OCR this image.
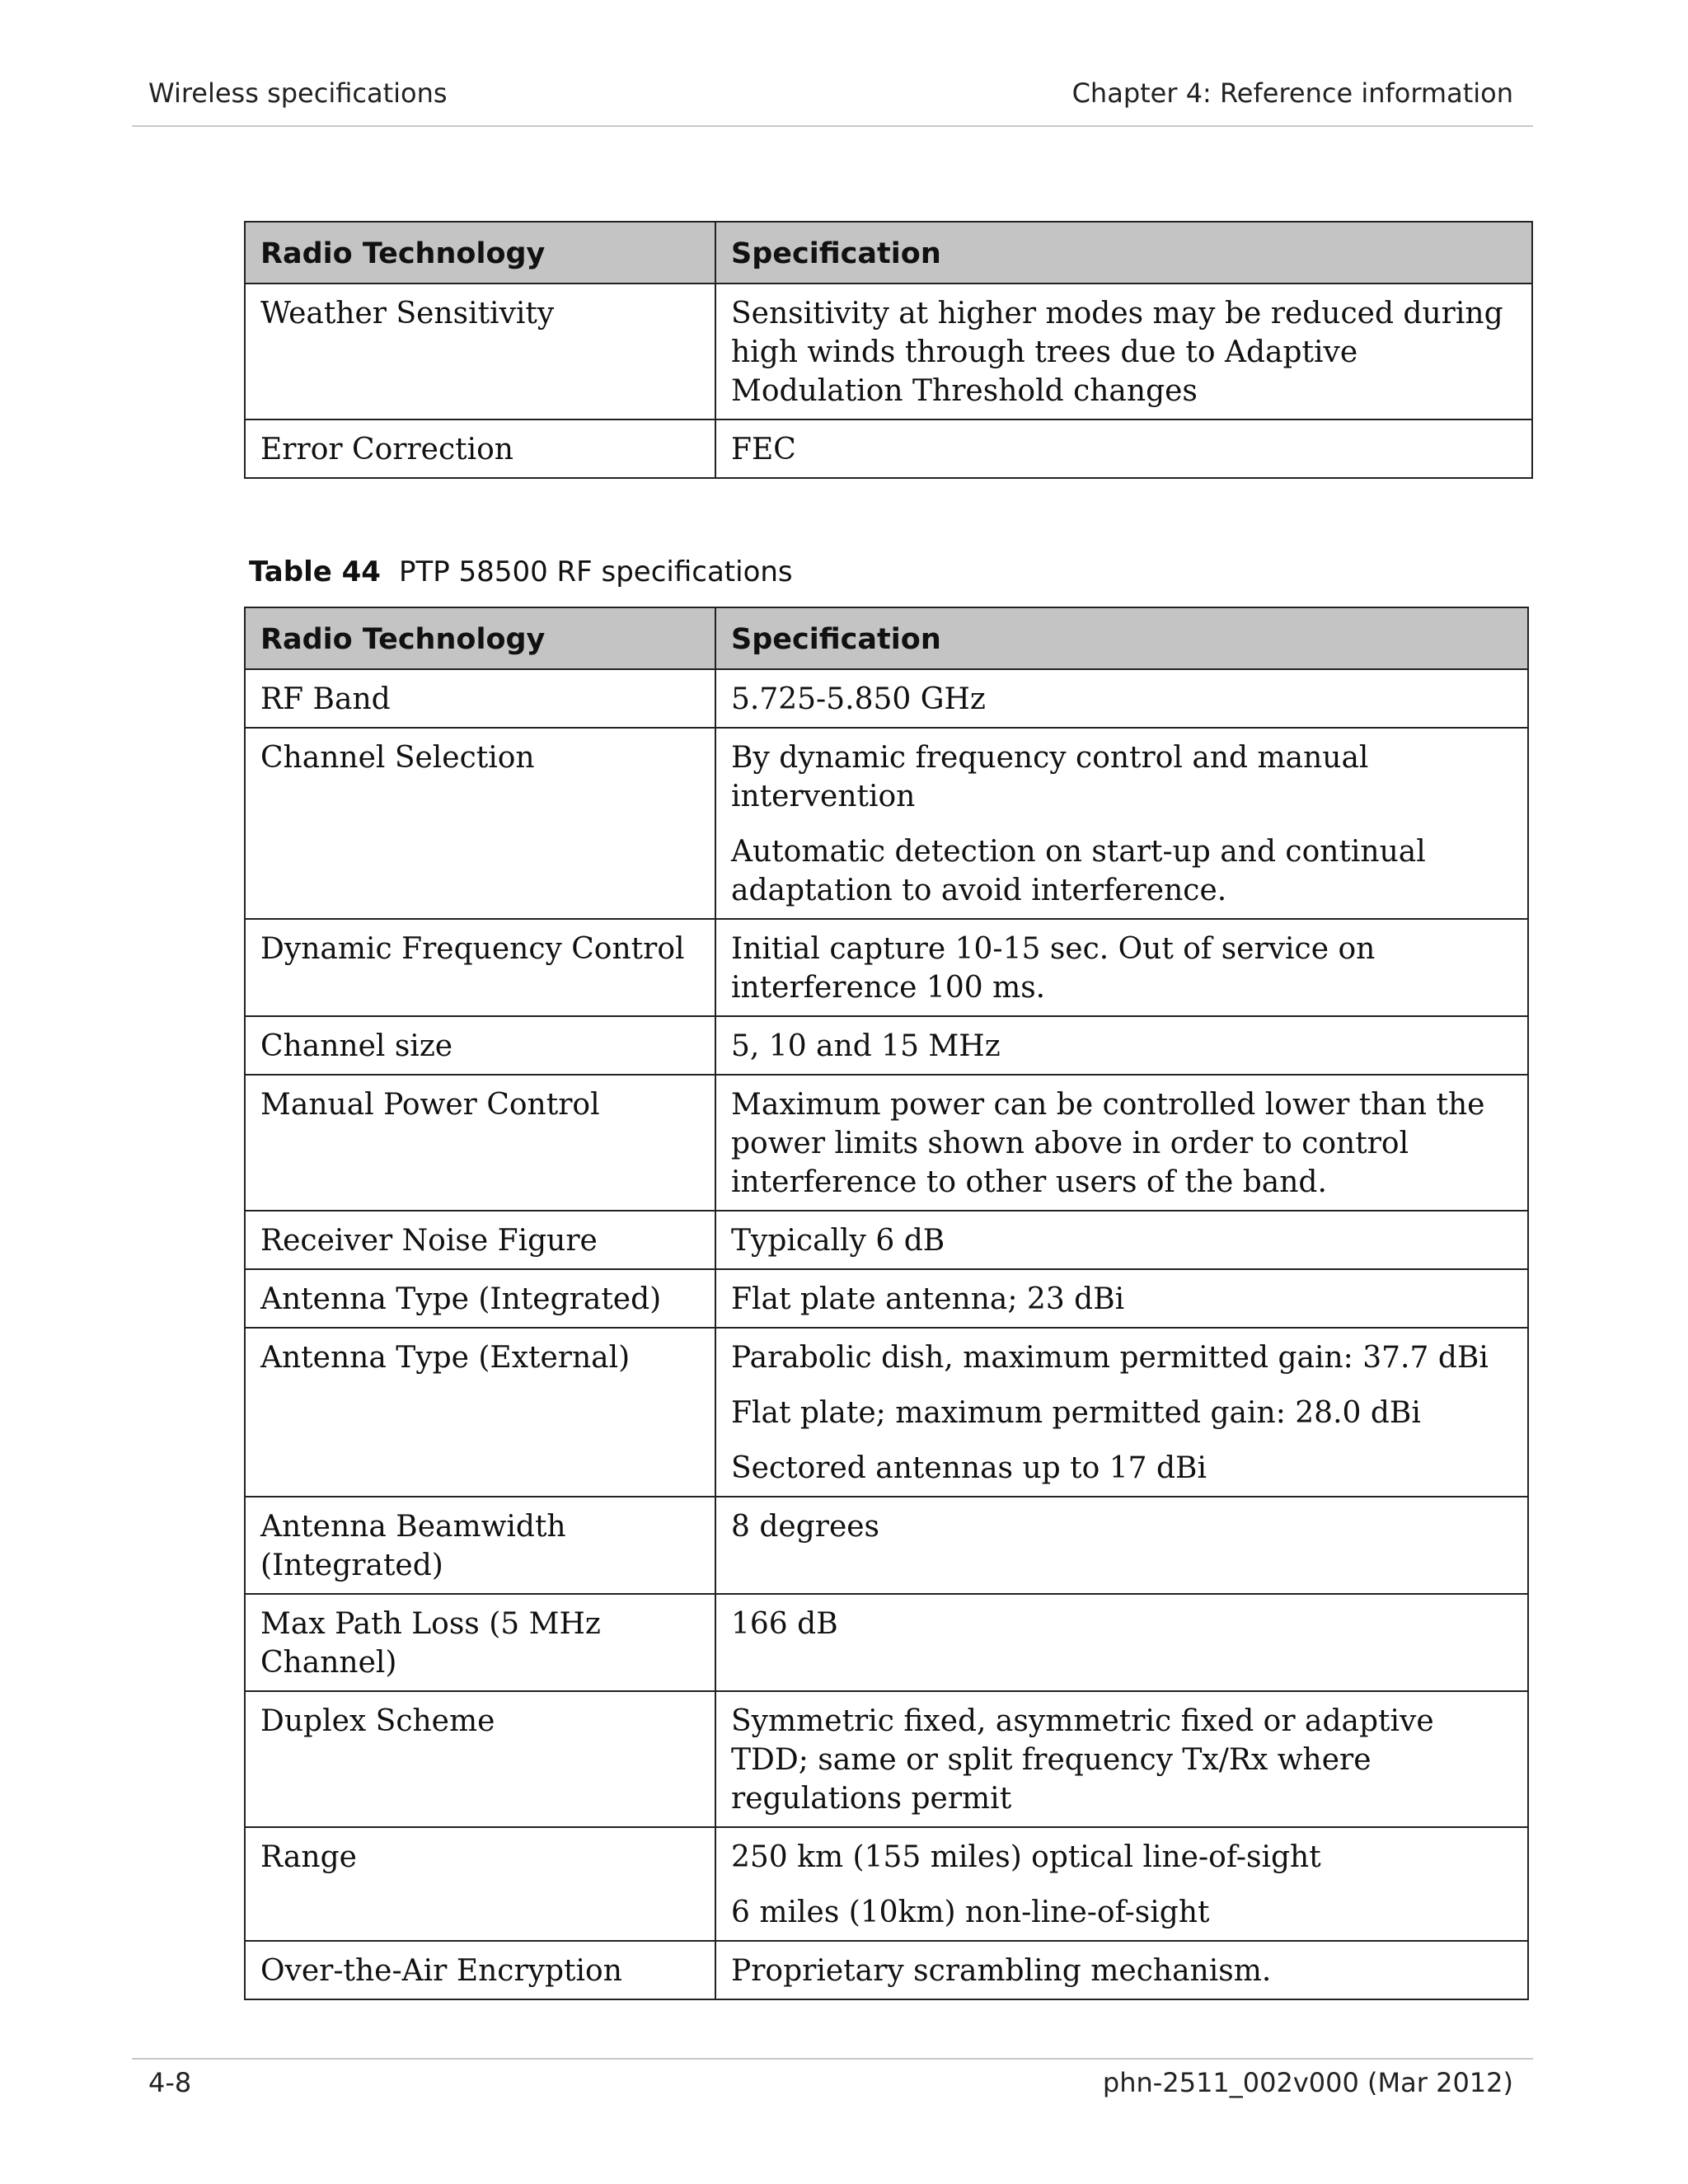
Wireless specifications	Chapter 4: Reference information
Radio Technology	Specification
Weather Sensitivity	Sensitivity at higher modes may be reduced during high winds through trees due to Adaptive Modulation Threshold changes

Error Correction	FEC
Table 44 PTP 58500 RF specifications
Radio Technology	Specification
RF Band	5.725-5.850 GHz

Channel Selection	By dynamic frequency control and manual intervention
Automatic detection on start-up and continual adaptation to avoid interference.

Dynamic Frequency Control	Initial capture 10-15 sec. Out of service on interference 100 ms.

Channel size	5, 10 and 15 MHz

Manual Power Control	Maximum power can be controlled lower than the power limits shown above in order to control interference to other users of the band.

Receiver Noise Figure	Typically 6 dB

Antenna Type (Integrated)	Flat plate antenna; 23 dBi

Antenna Type (External)	Parabolic dish, maximum permitted gain: 37.7 dBi
Flat plate; maximum permitted gain: 28.0 dBi
Sectored antennas up to 17 dBi

Antenna Beamwidth (Integrated)	8 degrees

Max Path Loss (5 MHz Channel)	166 dB

Duplex Scheme	Symmetric fixed, asymmetric fixed or adaptive TDD; same or split frequency Tx/Rx where regulations permit

Range	250 km (155 miles) optical line-of-sight
6 miles (10km) non-line-of-sight

Over-the-Air Encryption	Proprietary scrambling mechanism.
4-8	phn-2511_002v000 (Mar 2012)
